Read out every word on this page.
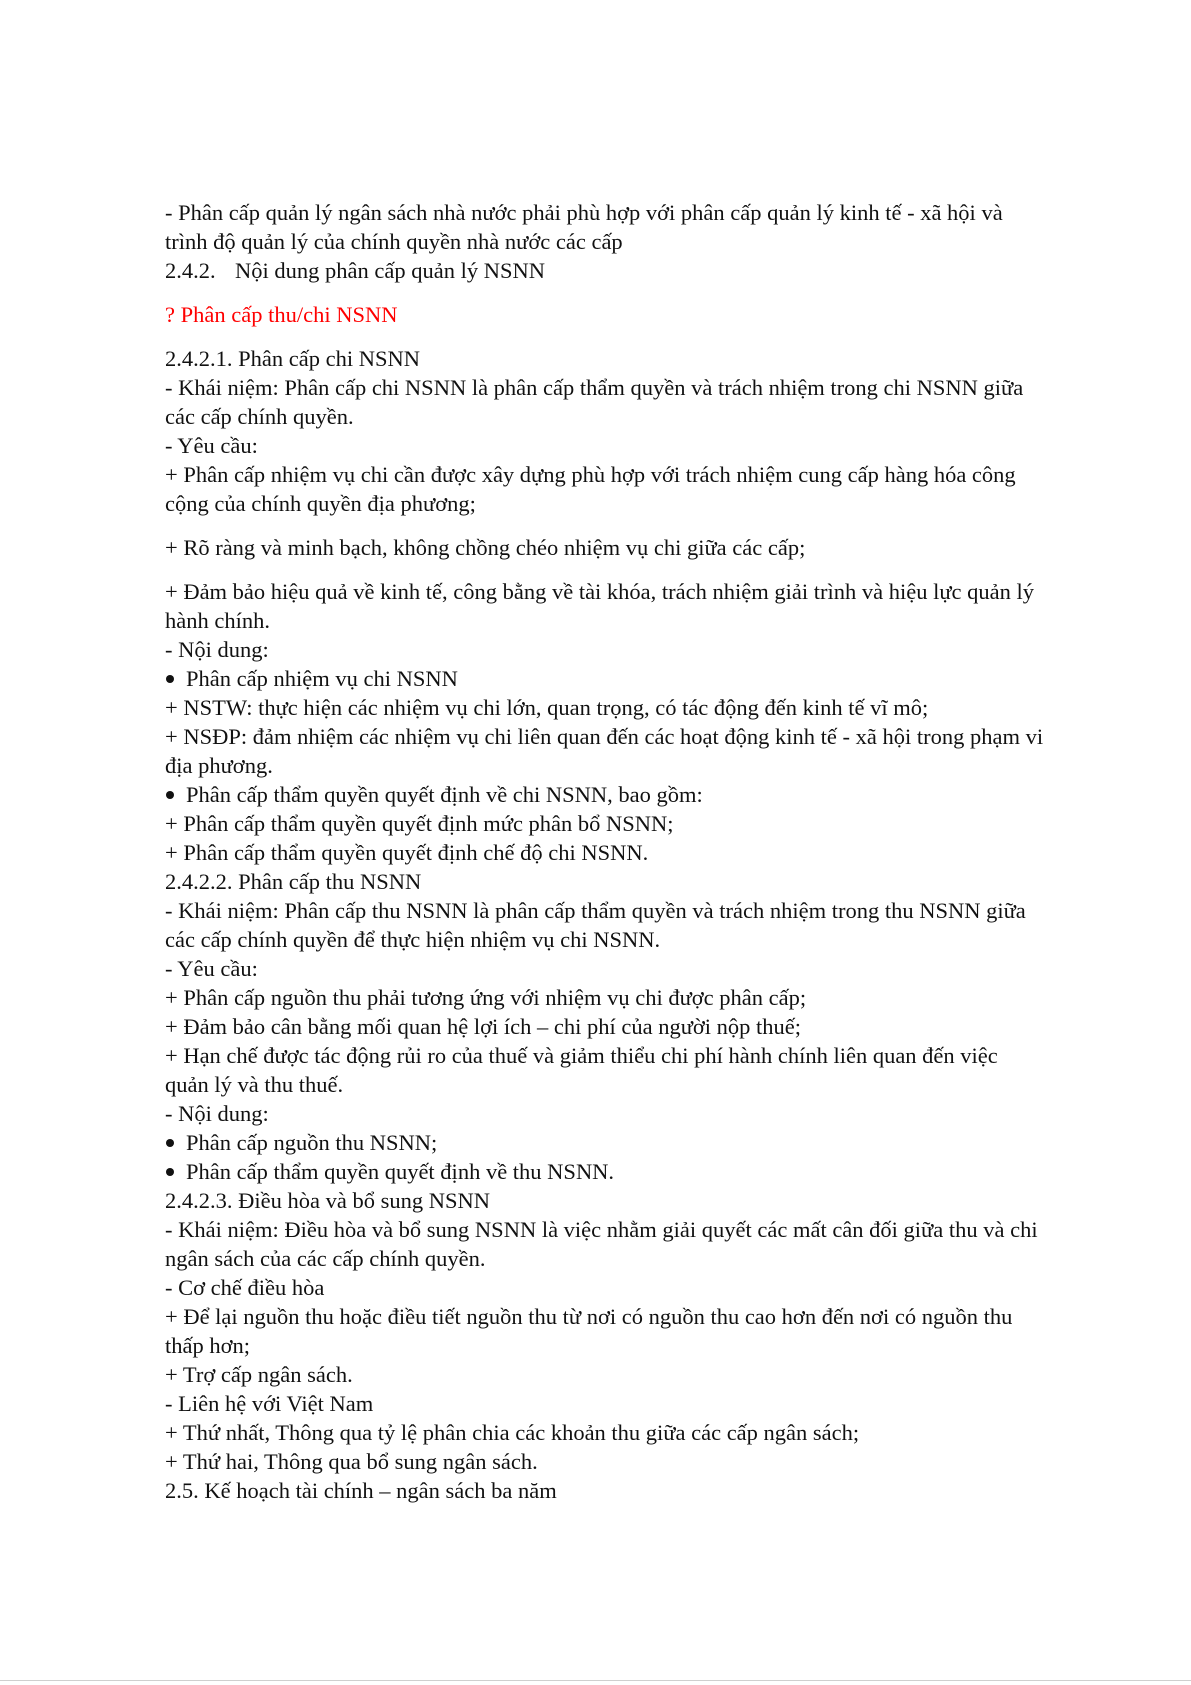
- Phân cấp quản lý ngân sách nhà nước phải phù hợp với phân cấp quản lý kinh tế - xã hội và

trình độ quản lý của chính quyền nhà nước các cấp

2.4.2. Nội dung phân cấp quản lý NSNN

? Phân cấp thu/chi NSNN

2.4.2.1. Phân cấp chi NSNN

- Khái niệm: Phân cấp chi NSNN là phân cấp thẩm quyền và trách nhiệm trong chi NSNN giữa

các cấp chính quyền.

- Yêu cầu:

+ Phân cấp nhiệm vụ chi cần được xây dựng phù hợp với trách nhiệm cung cấp hàng hóa công

cộng của chính quyền địa phương;

+ Rõ ràng và minh bạch, không chồng chéo nhiệm vụ chi giữa các cấp;

+ Đảm bảo hiệu quả về kinh tế, công bằng về tài khóa, trách nhiệm giải trình và hiệu lực quản lý

hành chính.

- Nội dung:

Phân cấp nhiệm vụ chi NSNN

+ NSTW: thực hiện các nhiệm vụ chi lớn, quan trọng, có tác động đến kinh tế vĩ mô;

+ NSĐP: đảm nhiệm các nhiệm vụ chi liên quan đến các hoạt động kinh tế - xã hội trong phạm vi

địa phương.

Phân cấp thẩm quyền quyết định về chi NSNN, bao gồm:

+ Phân cấp thẩm quyền quyết định mức phân bổ NSNN;

+ Phân cấp thẩm quyền quyết định chế độ chi NSNN.

2.4.2.2. Phân cấp thu NSNN

- Khái niệm: Phân cấp thu NSNN là phân cấp thẩm quyền và trách nhiệm trong thu NSNN giữa

các cấp chính quyền để thực hiện nhiệm vụ chi NSNN.

- Yêu cầu:

+ Phân cấp nguồn thu phải tương ứng với nhiệm vụ chi được phân cấp;

+ Đảm bảo cân bằng mối quan hệ lợi ích – chi phí của người nộp thuế;

+ Hạn chế được tác động rủi ro của thuế và giảm thiểu chi phí hành chính liên quan đến việc

quản lý và thu thuế.

- Nội dung:

Phân cấp nguồn thu NSNN;

Phân cấp thẩm quyền quyết định về thu NSNN.

2.4.2.3. Điều hòa và bổ sung NSNN

- Khái niệm: Điều hòa và bổ sung NSNN là việc nhằm giải quyết các mất cân đối giữa thu và chi

ngân sách của các cấp chính quyền.

- Cơ chế điều hòa

+ Để lại nguồn thu hoặc điều tiết nguồn thu từ nơi có nguồn thu cao hơn đến nơi có nguồn thu

thấp hơn;

+ Trợ cấp ngân sách.

- Liên hệ với Việt Nam

+ Thứ nhất, Thông qua tỷ lệ phân chia các khoản thu giữa các cấp ngân sách;

+ Thứ hai, Thông qua bổ sung ngân sách.

2.5. Kế hoạch tài chính – ngân sách ba năm
